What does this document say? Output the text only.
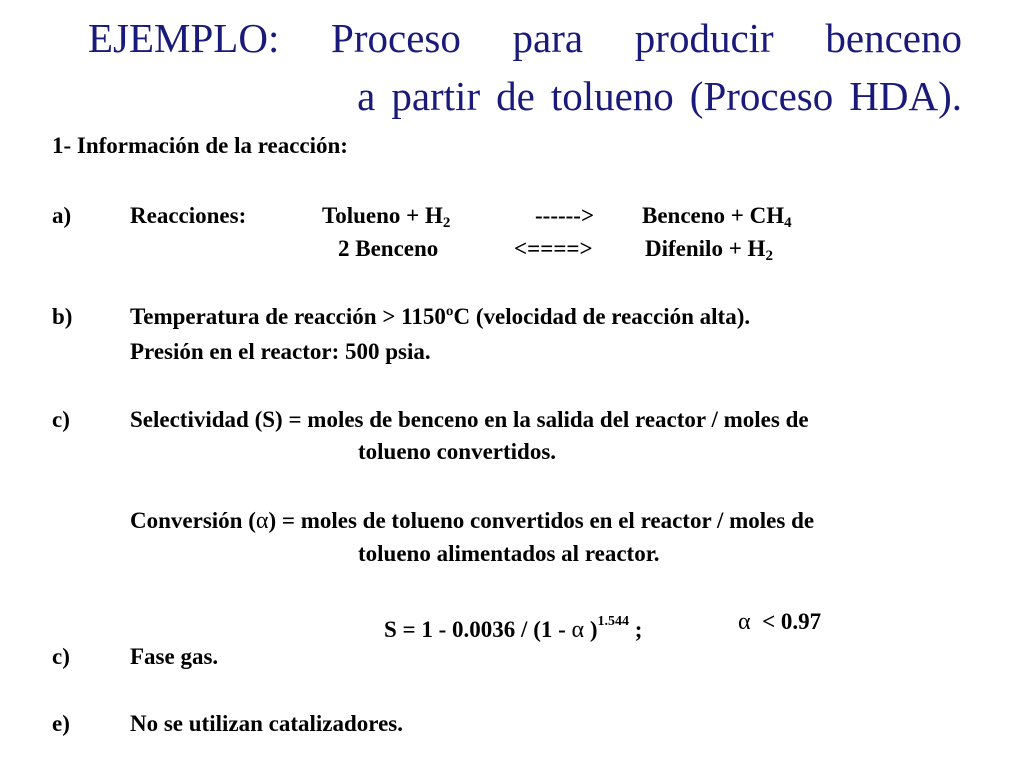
EJEMPLO: Proceso para producir benceno
a partir de tolueno (Proceso HDA).
1- Información de la reacción:
a)	Reacciones:	Tolueno + $H_2$	------> Benceno + $CH_4$
2 Benceno	<====> Difenilo + $H_2$
b)	Temperatura de reacción > 1150ºC (velocidad de reacción alta).
Presión en el reactor: 500 psia.
c)	Selectividad (S) = moles de benceno en la salida del reactor / moles de
tolueno convertidos.
Conversión (α) = moles de tolueno convertidos en el reactor / moles de
tolueno alimentados al reactor.
S = 1 - 0.0036 / (1 - α )$^{1.544}$ ;	α < 0.97
c)	Fase gas.
e)	No se utilizan catalizadores.
